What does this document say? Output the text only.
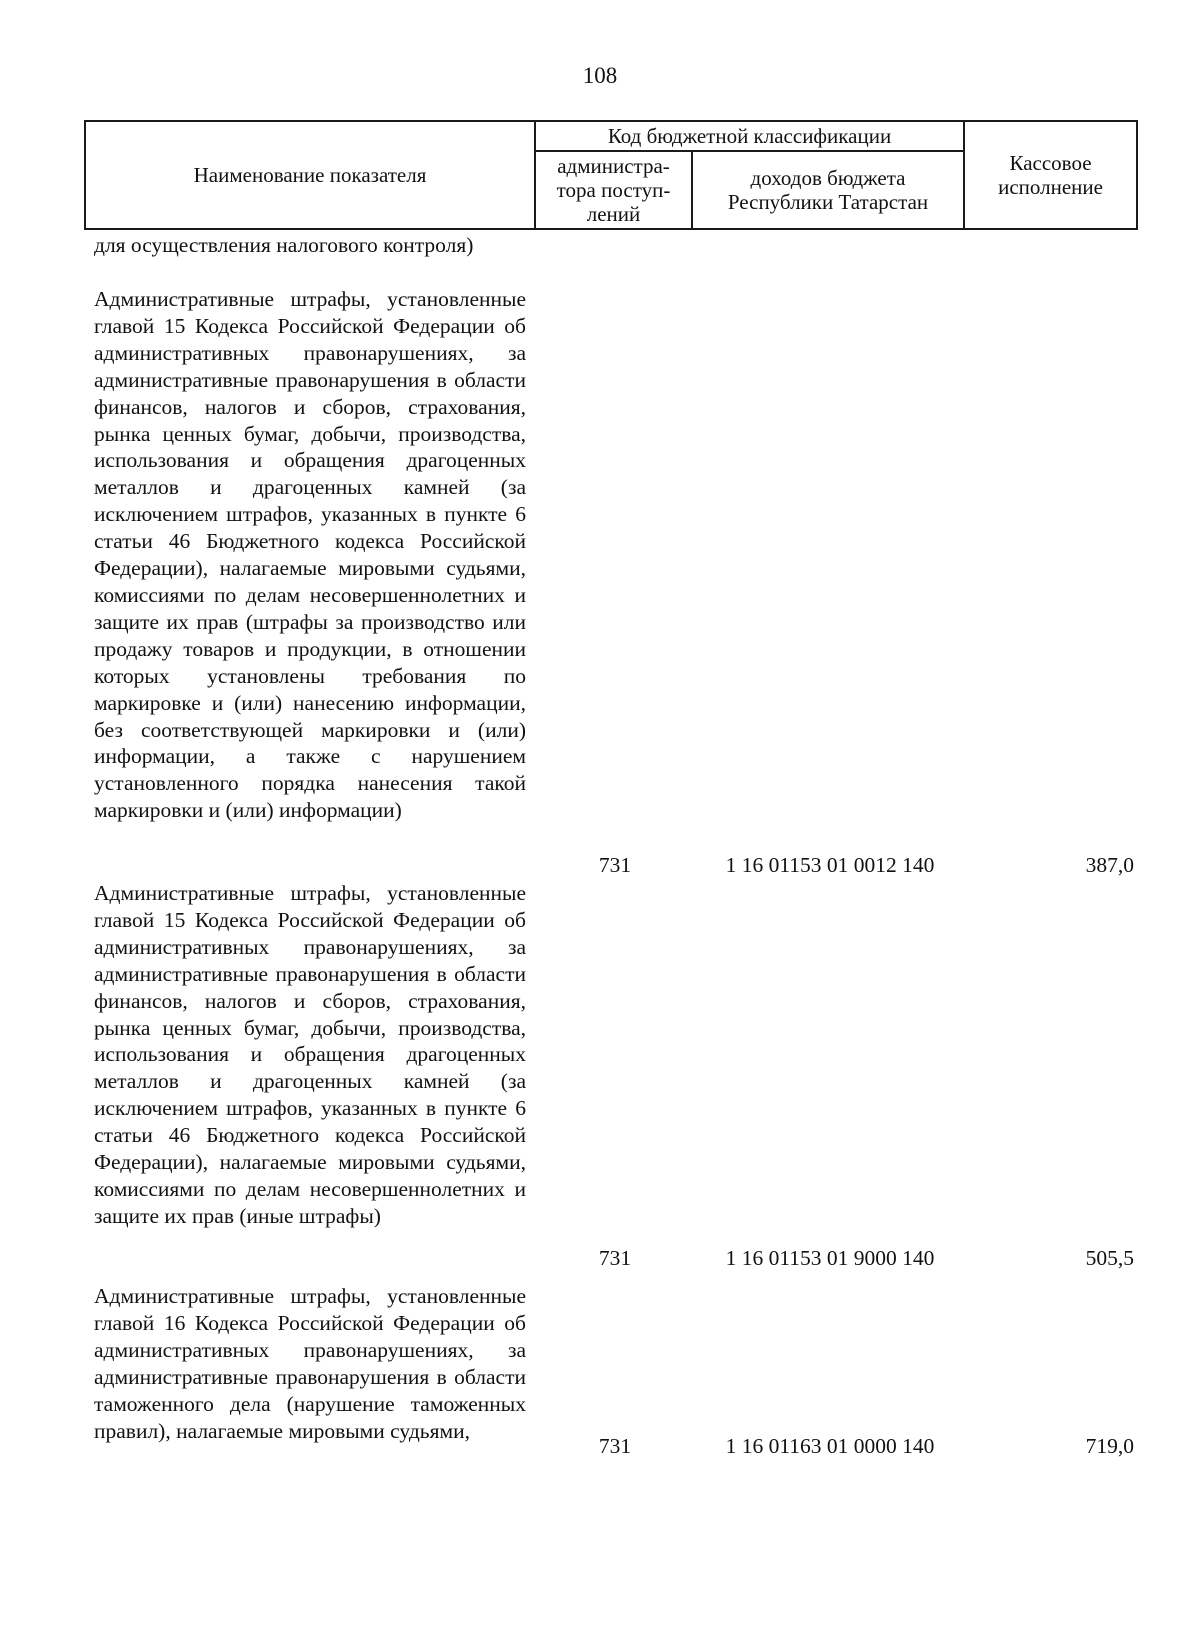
108
Наименование показателя	Код бюджетной классификации		Кассовое исполнение
	администра-тора поступ-лений	доходов бюджета Республики Татарстан	
для осуществления налогового контроля)
Административные штрафы, установленные главой 15 Кодекса Российской Федерации об административных правонарушениях, за административные правонарушения в области финансов, налогов и сборов, страхования, рынка ценных бумаг, добычи, производства, использования и обращения драгоценных металлов и драгоценных камней (за исключением штрафов, указанных в пункте 6 статьи 46 Бюджетного кодекса Российской Федерации), налагаемые мировыми судьями, комиссиями по делам несовершеннолетних и защите их прав (штрафы за производство или продажу товаров и продукции, в отношении которых установлены требования по маркировке и (или) нанесению информации, без соответствующей маркировки и (или) информации, а также с нарушением установленного порядка нанесения такой маркировки и (или) информации)
731	1 16 01153 01 0012 140	387,0
Административные штрафы, установленные главой 15 Кодекса Российской Федерации об административных правонарушениях, за административные правонарушения в области финансов, налогов и сборов, страхования, рынка ценных бумаг, добычи, производства, использования и обращения драгоценных металлов и драгоценных камней (за исключением штрафов, указанных в пункте 6 статьи 46 Бюджетного кодекса Российской Федерации), налагаемые мировыми судьями, комиссиями по делам несовершеннолетних и защите их прав (иные штрафы)
731	1 16 01153 01 9000 140	505,5
Административные штрафы, установленные главой 16 Кодекса Российской Федерации об административных правонарушениях, за административные правонарушения в области таможенного дела (нарушение таможенных правил), налагаемые мировыми судьями,
731	1 16 01163 01 0000 140	719,0
